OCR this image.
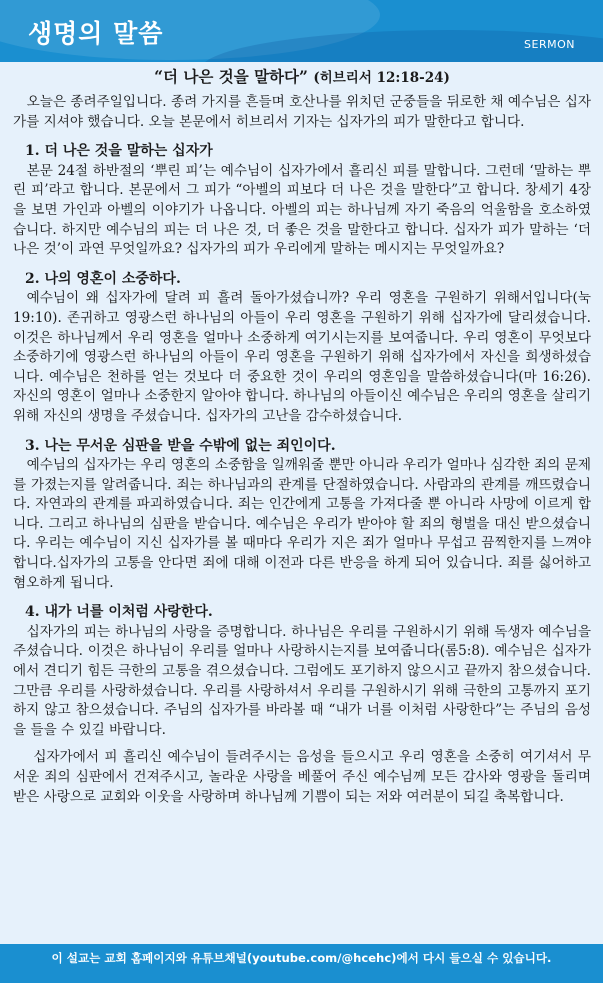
생명의 말씀	SERMON
“더 나은 것을 말하다” (히브리서 12:18-24)

오늘은 종려주일입니다. 종려 가지를 흔들며 호산나를 위치던 군중들을 뒤로한 채 예수님은 십자가를 지셔야 했습니다. 오늘 본문에서 히브리서 기자는 십자가의 피가 말한다고 합니다.

1. 더 나은 것을 말하는 십자가

본문 24절 하반절의 ‘뿌린 피’는 예수님이 십자가에서 흘리신 피를 말합니다. 그런데 ‘말하는 뿌린 피’라고 합니다. 본문에서 그 피가 “아벨의 피보다 더 나은 것을 말한다”고 합니다. 창세기 4장을 보면 가인과 아벨의 이야기가 나옵니다. 아벨의 피는 하나님께 자기 죽음의 억울함을 호소하였습니다. 하지만 예수님의 피는 더 나은 것, 더 좋은 것을 말한다고 합니다. 십자가 피가 말하는 ‘더 나은 것’이 과연 무엇일까요? 십자가의 피가 우리에게 말하는 메시지는 무엇일까요?

2. 나의 영혼이 소중하다.

예수님이 왜 십자가에 달려 피 흘려 돌아가셨습니까? 우리 영혼을 구원하기 위해서입니다(눅 19:10). 존귀하고 영광스런 하나님의 아들이 우리 영혼을 구원하기 위해 십자가에 달리셨습니다. 이것은 하나님께서 우리 영혼을 얼마나 소중하게 여기시는지를 보여줍니다. 우리 영혼이 무엇보다 소중하기에 영광스런 하나님의 아들이 우리 영혼을 구원하기 위해 십자가에서 자신을 희생하셨습니다. 예수님은 천하를 얻는 것보다 더 중요한 것이 우리의 영혼임을 말씀하셨습니다(마 16:26). 자신의 영혼이 얼마나 소중한지 알아야 합니다. 하나님의 아들이신 예수님은 우리의 영혼을 살리기 위해 자신의 생명을 주셨습니다. 십자가의 고난을 감수하셨습니다.

3. 나는 무서운 심판을 받을 수밖에 없는 죄인이다.

예수님의 십자가는 우리 영혼의 소중함을 일깨워줄 뿐만 아니라 우리가 얼마나 심각한 죄의 문제를 가졌는지를 알려줍니다. 죄는 하나님과의 관계를 단절하였습니다. 사람과의 관계를 깨뜨렸습니다. 자연과의 관계를 파괴하였습니다. 죄는 인간에게 고통을 가져다줄 뿐 아니라 사망에 이르게 합니다. 그리고 하나님의 심판을 받습니다. 예수님은 우리가 받아야 할 죄의 형벌을 대신 받으셨습니다. 우리는 예수님이 지신 십자가를 볼 때마다 우리가 지은 죄가 얼마나 무섭고 끔찍한지를 느껴야 합니다.십자가의 고통을 안다면 죄에 대해 이전과 다른 반응을 하게 되어 있습니다. 죄를 싫어하고 혐오하게 됩니다.

4. 내가 너를 이처럼 사랑한다.

십자가의 피는 하나님의 사랑을 증명합니다. 하나님은 우리를 구원하시기 위해 독생자 예수님을 주셨습니다. 이것은 하나님이 우리를 얼마나 사랑하시는지를 보여줍니다(롬5:8). 예수님은 십자가에서 견디기 힘든 극한의 고통을 겪으셨습니다. 그럼에도 포기하지 않으시고 끝까지 참으셨습니다. 그만큼 우리를 사랑하셨습니다. 우리를 사랑하셔서 우리를 구원하시기 위해 극한의 고통까지 포기하지 않고 참으셨습니다. 주님의 십자가를 바라볼 때 “내가 너를 이처럼 사랑한다”는 주님의 음성을 들을 수 있길 바랍니다.

십자가에서 피 흘리신 예수님이 들려주시는 음성을 들으시고 우리 영혼을 소중히 여기셔서 무서운 죄의 심판에서 건져주시고, 놀라운 사랑을 베풀어 주신 예수님께 모든 감사와 영광을 돌리며 받은 사랑으로 교회와 이웃을 사랑하며 하나님께 기쁨이 되는 저와 여러분이 되길 축복합니다.

이 설교는 교회 홈페이지와 유튜브채널(youtube.com/@hcehc)에서 다시 들으실 수 있습니다.
